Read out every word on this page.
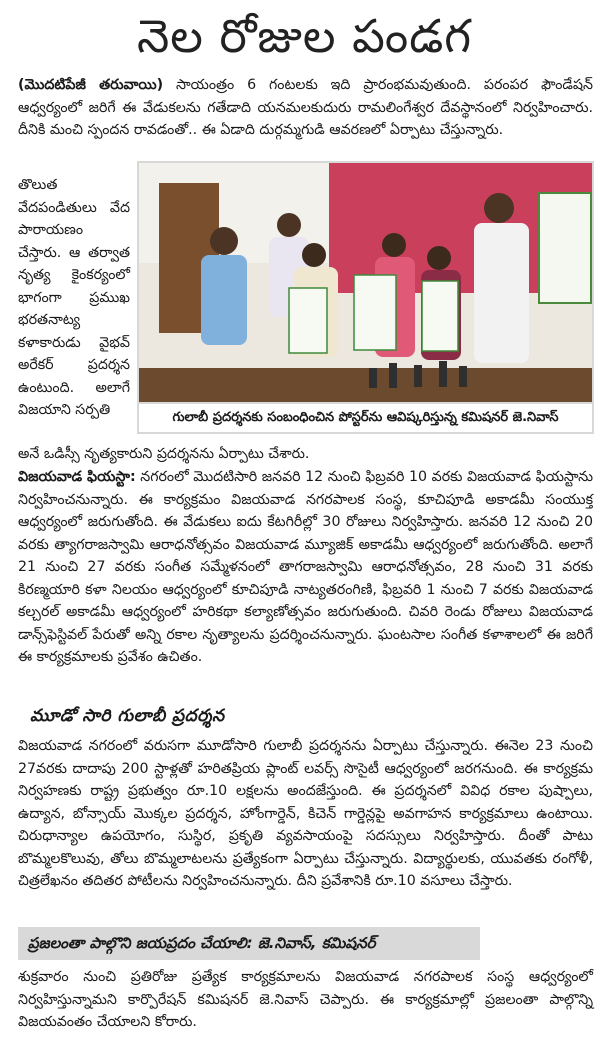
నెల రోజుల పండగ

(మొదటిపేజీ తరువాయి) సాయంత్రం 6 గంటలకు ఇది ప్రారంభమవుతుంది. పరంపర ఫౌండేషన్ ఆధ్వర్యంలో జరిగే ఈ వేడుకలను గతేడాది యనమలకుదురు రామలింగేశ్వర దేవస్థానంలో నిర్వహించారు. దీనికి మంచి స్పందన రావడంతో.. ఈ ఏడాది దుర్గమ్మగుడి ఆవరణలో ఏర్పాటు చేస్తున్నారు.

తొలుత వేదపండితులు వేద పారాయణం చేస్తారు. ఆ తర్వాత నృత్య కైంకర్యంలో భాగంగా ప్రముఖ భరతనాట్య కళాకారుడు వైభవ్ అరేకర్ ప్రదర్శన ఉంటుంది. అలాగే విజయాని సర్పతి	గులాబీ ప్రదర్శనకు సంబంధించిన పోస్టర్‌ను ఆవిష్కరిస్తున్న కమిషనర్ జె.నివాస్

అనే ఒడిస్సీ నృత్యకారుని ప్రదర్శనను ఏర్పాటు చేశారు.

విజయవాడ ఫియస్టా: నగరంలో మొదటిసారి జనవరి 12 నుంచి ఫిబ్రవరి 10 వరకు విజయవాడ ఫియస్టాను నిర్వహించనున్నారు. ఈ కార్యక్రమం విజయవాడ నగరపాలక సంస్థ, కూచిపూడి అకాడమీ సంయుక్త ఆధ్వర్యంలో జరుగుతోంది. ఈ వేడుకలు ఐదు కేటగిరీల్లో 30 రోజులు నిర్వహిస్తారు. జనవరి 12 నుంచి 20 వరకు త్యాగరాజస్వామి ఆరాధనోత్సవం విజయవాడ మ్యూజిక్ అకాడమీ ఆధ్వర్యంలో జరుగుతోంది. అలాగే 21 నుంచి 27 వరకు సంగీత సమ్మేళనంలో తాగరాజస్వామి ఆరాధనోత్సవం, 28 నుంచి 31 వరకు కిరణ్మయారి కళా నిలయం ఆధ్వర్యంలో కూచిపూడి నాట్యతరంగిణి, ఫిబ్రవరి 1 నుంచి 7 వరకు విజయవాడ కల్చరల్ అకాడమీ ఆధ్వర్యంలో హరికథా కల్యాణోత్సవం జరుగుతుంది. చివరి రెండు రోజులు విజయవాడ డాన్స్‌ఫెస్టివల్ పేరుతో అన్ని రకాల నృత్యాలను ప్రదర్శించనున్నారు. ఘంటసాల సంగీత కళాశాలలో ఈ జరిగే ఈ కార్యక్రమాలకు ప్రవేశం ఉచితం.

మూడో సారి గులాబీ ప్రదర్శన

విజయవాడ నగరంలో వరుసగా మూడోసారి గులాబీ ప్రదర్శనను ఏర్పాటు చేస్తున్నారు. ఈనెల 23 నుంచి 27వరకు దాదాపు 200 స్టాళ్లతో హరితప్రియ ప్లాంట్ లవర్స్ సొసైటీ ఆధ్వర్యంలో జరగనుంది. ఈ కార్యక్రమ నిర్వహణకు రాష్ట్ర ప్రభుత్వం రూ.10 లక్షలను అందజేస్తుంది. ఈ ప్రదర్శనలో వివిధ రకాల పుష్పాలు, ఉద్యాన, బోన్సాయ్ మొక్కల ప్రదర్శన, హోంగార్డెన్, కిచెన్ గార్డెన్లపై అవగాహన కార్యక్రమాలు ఉంటాయి. చిరుధాన్యాల ఉపయోగం, సుస్థిర, ప్రకృతి వ్యవసాయంపై సదస్సులు నిర్వహిస్తారు. దీంతో పాటు బొమ్మలకొలువు, తోలు బొమ్మలాటలను ప్రత్యేకంగా ఏర్పాటు చేస్తున్నారు. విద్యార్థులకు, యువతకు రంగోళీ, చిత్రలేఖనం తదితర పోటీలను నిర్వహించనున్నారు. దీని ప్రవేశానికి రూ.10 వసూలు చేస్తారు.

ప్రజలంతా పాల్గొని జయప్రదం చేయాలి: జె.నివాస్, కమిషనర్

శుక్రవారం నుంచి ప్రతిరోజు ప్రత్యేక కార్యక్రమాలను విజయవాడ నగరపాలక సంస్థ ఆధ్వర్యంలో నిర్వహిస్తున్నామని కార్పొరేషన్ కమిషనర్ జె.నివాస్ చెప్పారు. ఈ కార్యక్రమాల్లో ప్రజలంతా పాల్గొన్ని విజయవంతం చేయాలని కోరారు.
